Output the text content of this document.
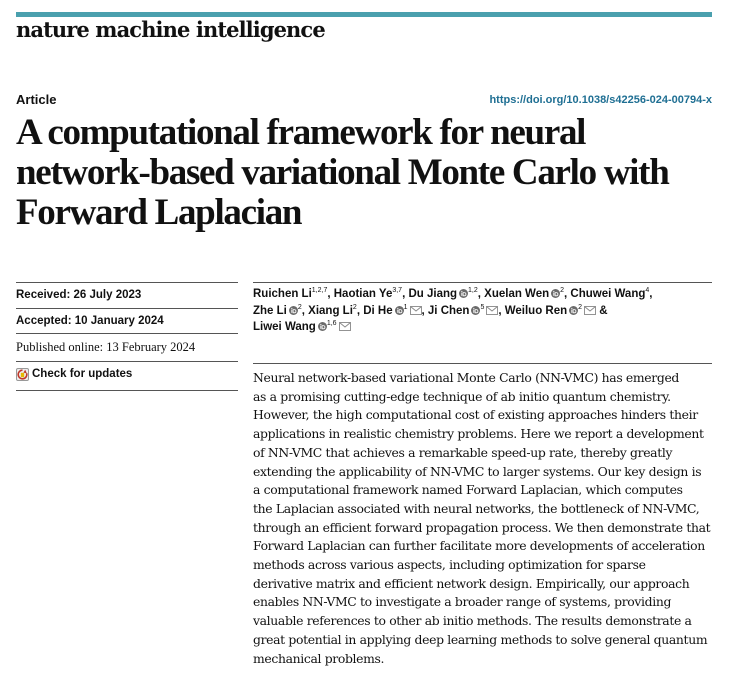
nature machine intelligence
Article	https://doi.org/10.1038/s42256-024-00794-x
A computational framework for neural network-based variational Monte Carlo with Forward Laplacian
Received: 26 July 2023
Accepted: 10 January 2024
Published online: 13 February 2024
Check for updates

Ruichen Li$^{1,2,7}$, Haotian Ye$^{3,7}$, Du Jiang $^{1,2}$, Xuelan Wen $^2$, Chuwei Wang$^4$,
Zhe Li $^2$, Xiang Li$^2$, Di He $^1$ , Ji Chen $^5$ , Weiluo Ren $^2$ &
Liwei Wang $^{1,6}$

Neural network-based variational Monte Carlo (NN-VMC) has emerged
as a promising cutting-edge technique of ab initio quantum chemistry.
However, the high computational cost of existing approaches hinders their
applications in realistic chemistry problems. Here we report a development
of NN-VMC that achieves a remarkable speed-up rate, thereby greatly
extending the applicability of NN-VMC to larger systems. Our key design is
a computational framework named Forward Laplacian, which computes
the Laplacian associated with neural networks, the bottleneck of NN-VMC,
through an efficient forward propagation process. We then demonstrate that
Forward Laplacian can further facilitate more developments of acceleration
methods across various aspects, including optimization for sparse
derivative matrix and efficient network design. Empirically, our approach
enables NN-VMC to investigate a broader range of systems, providing
valuable references to other ab initio methods. The results demonstrate a
great potential in applying deep learning methods to solve general quantum
mechanical problems.
